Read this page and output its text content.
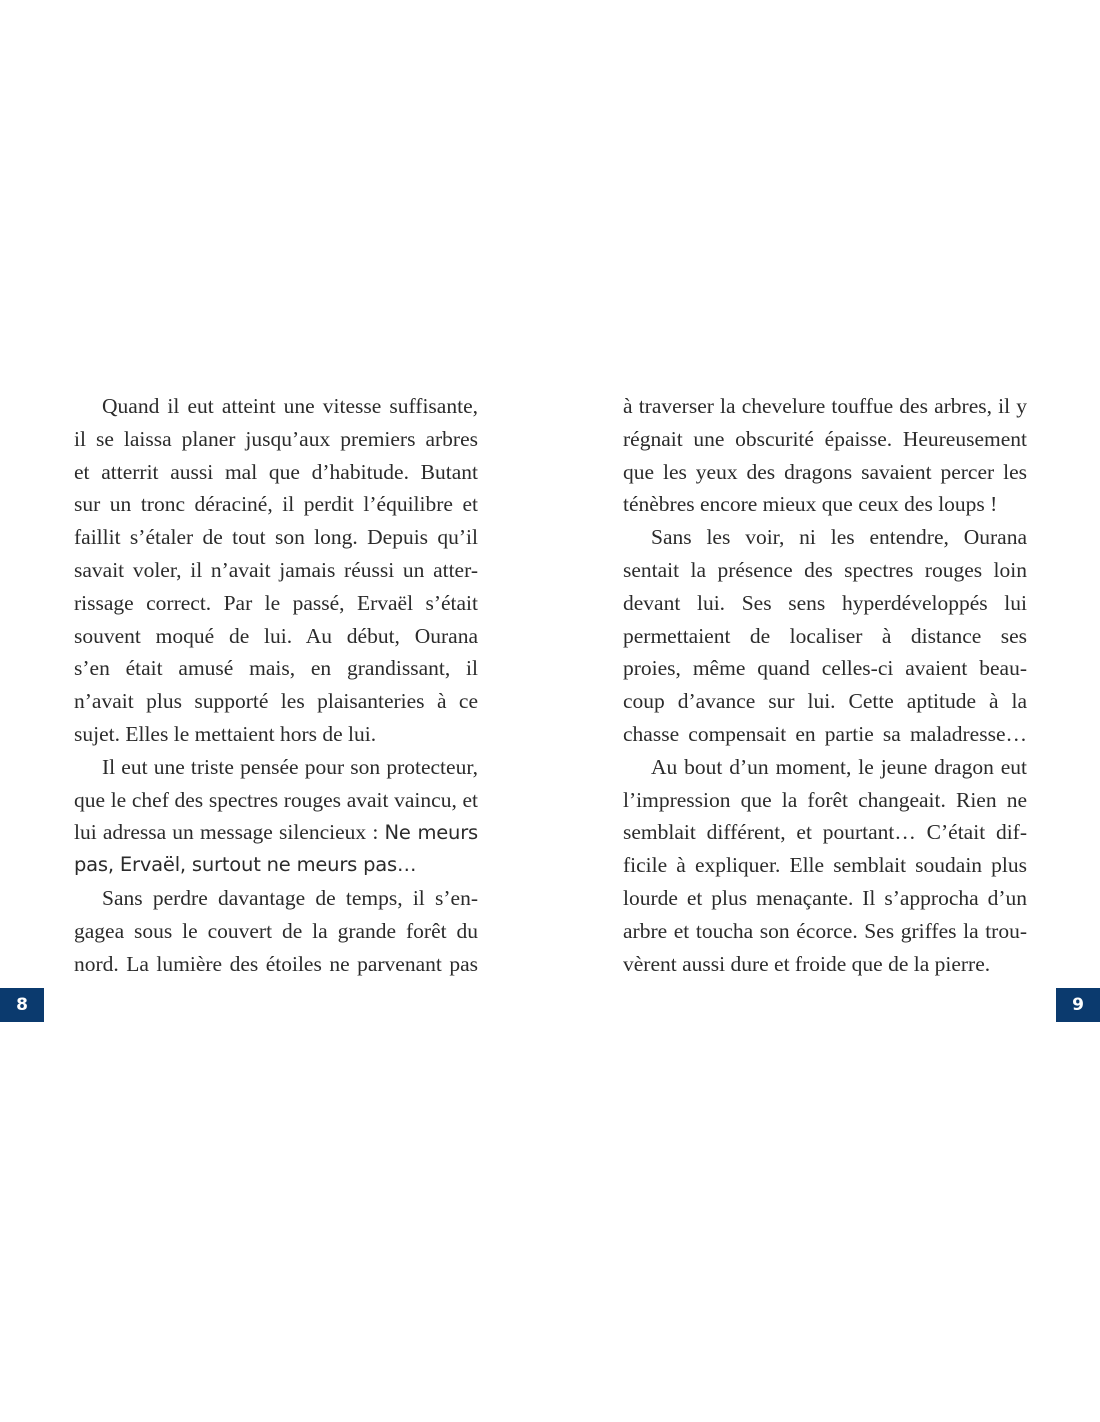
Quand il eut atteint une vitesse suffisante,
il se laissa planer jusqu’aux premiers arbres
et atterrit aussi mal que d’habitude. Butant
sur un tronc déraciné, il perdit l’équilibre et
faillit s’étaler de tout son long. Depuis qu’il
savait voler, il n’avait jamais réussi un atter-
rissage correct. Par le passé, Ervaël s’était
souvent moqué de lui. Au début, Ourana
s’en était amusé mais, en grandissant, il
n’avait plus supporté les plaisanteries à ce
sujet. Elles le mettaient hors de lui.
Il eut une triste pensée pour son protecteur,
que le chef des spectres rouges avait vaincu, et
lui adressa un message silencieux : Ne meurs
pas, Ervaël, surtout ne meurs pas…
Sans perdre davantage de temps, il s’en-
gagea sous le couvert de la grande forêt du
nord. La lumière des étoiles ne parvenant pas
à traverser la chevelure touffue des arbres, il y
régnait une obscurité épaisse. Heureusement
que les yeux des dragons savaient percer les
ténèbres encore mieux que ceux des loups !
Sans les voir, ni les entendre, Ourana
sentait la présence des spectres rouges loin
devant lui. Ses sens hyperdéveloppés lui
permettaient de localiser à distance ses
proies, même quand celles-ci avaient beau-
coup d’avance sur lui. Cette aptitude à la
chasse compensait en partie sa maladresse…
Au bout d’un moment, le jeune dragon eut
l’impression que la forêt changeait. Rien ne
semblait différent, et pourtant… C’était dif-
ficile à expliquer. Elle semblait soudain plus
lourde et plus menaçante. Il s’approcha d’un
arbre et toucha son écorce. Ses griffes la trou-
vèrent aussi dure et froide que de la pierre.
8	9
